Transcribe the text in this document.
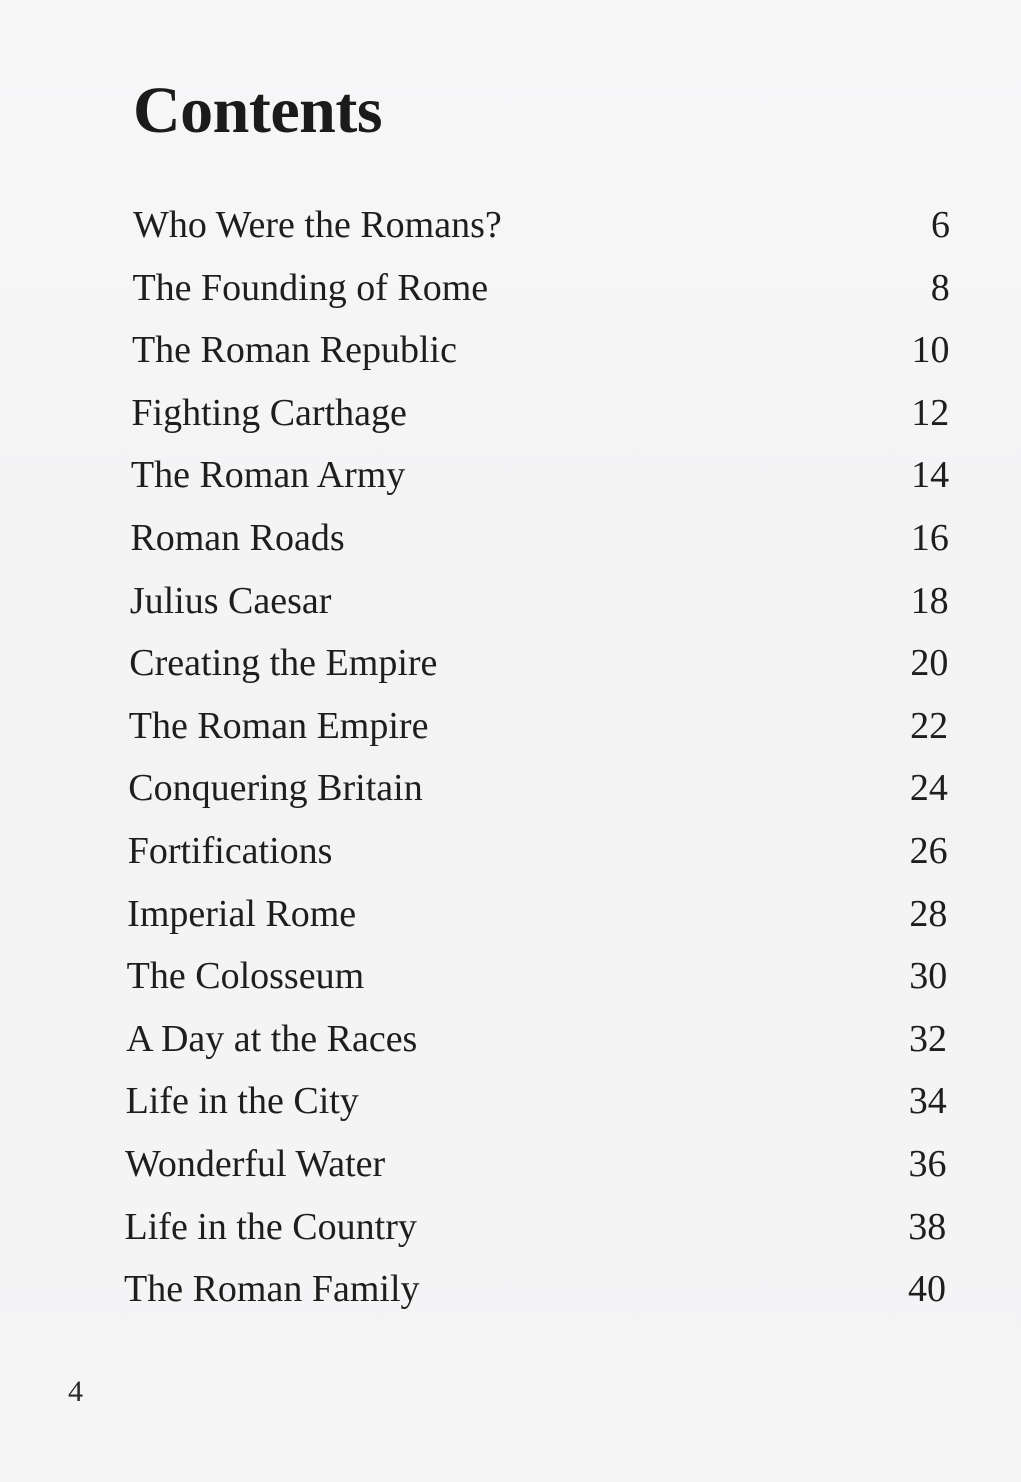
Contents
Who Were the Romans?	6
The Founding of Rome	8
The Roman Republic	10
Fighting Carthage	12
The Roman Army	14
Roman Roads	16
Julius Caesar	18
Creating the Empire	20
The Roman Empire	22
Conquering Britain	24
Fortifications	26
Imperial Rome	28
The Colosseum	30
A Day at the Races	32
Life in the City	34
Wonderful Water	36
Life in the Country	38
The Roman Family	40
4
